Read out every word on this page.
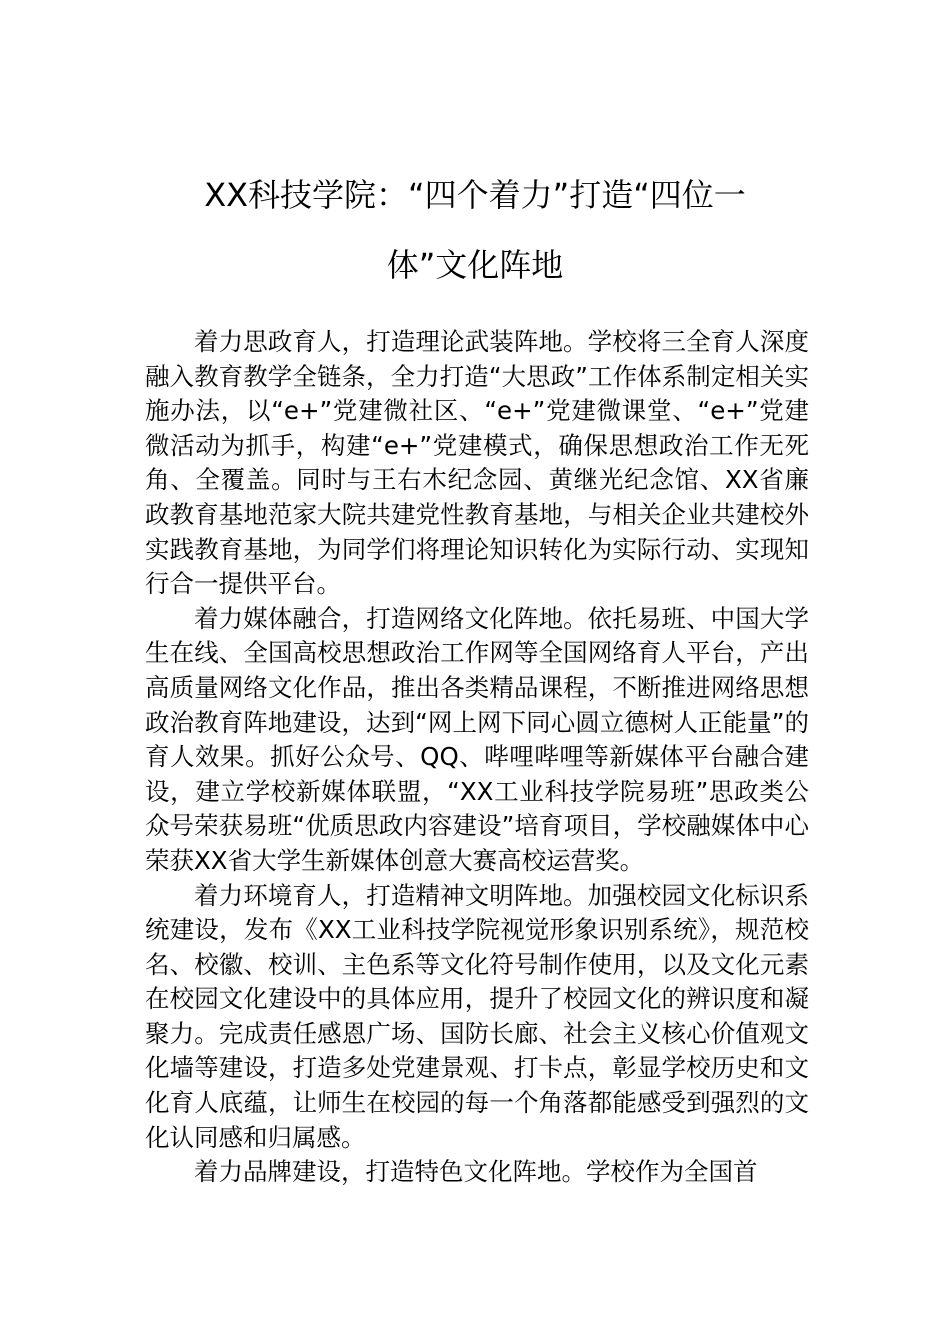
XX科技学院：“四个着力”打造“四位一
体”文化阵地

着力思政育人，打造理论武装阵地。学校将三全育人深度融入教育教学全链条，全力打造“大思政”工作体系制定相关实施办法，以“e+”党建微社区、“e+”党建微课堂、“e+”党建微活动为抓手，构建“e+”党建模式，确保思想政治工作无死角、全覆盖。同时与王右木纪念园、黄继光纪念馆、XX省廉政教育基地范家大院共建党性教育基地，与相关企业共建校外实践教育基地，为同学们将理论知识转化为实际行动、实现知行合一提供平台。

着力媒体融合，打造网络文化阵地。依托易班、中国大学生在线、全国高校思想政治工作网等全国网络育人平台，产出高质量网络文化作品，推出各类精品课程，不断推进网络思想政治教育阵地建设，达到“网上网下同心圆立德树人正能量”的育人效果。抓好公众号、QQ、哔哩哔哩等新媒体平台融合建设，建立学校新媒体联盟，“XX工业科技学院易班”思政类公众号荣获易班“优质思政内容建设”培育项目，学校融媒体中心荣获XX省大学生新媒体创意大赛高校运营奖。

着力环境育人，打造精神文明阵地。加强校园文化标识系统建设，发布《XX工业科技学院视觉形象识别系统》，规范校名、校徽、校训、主色系等文化符号制作使用，以及文化元素在校园文化建设中的具体应用，提升了校园文化的辨识度和凝聚力。完成责任感恩广场、国防长廊、社会主义核心价值观文化墙等建设，打造多处党建景观、打卡点，彰显学校历史和文化育人底蕴，让师生在校园的每一个角落都能感受到强烈的文化认同感和归属感。

着力品牌建设，打造特色文化阵地。学校作为全国首
